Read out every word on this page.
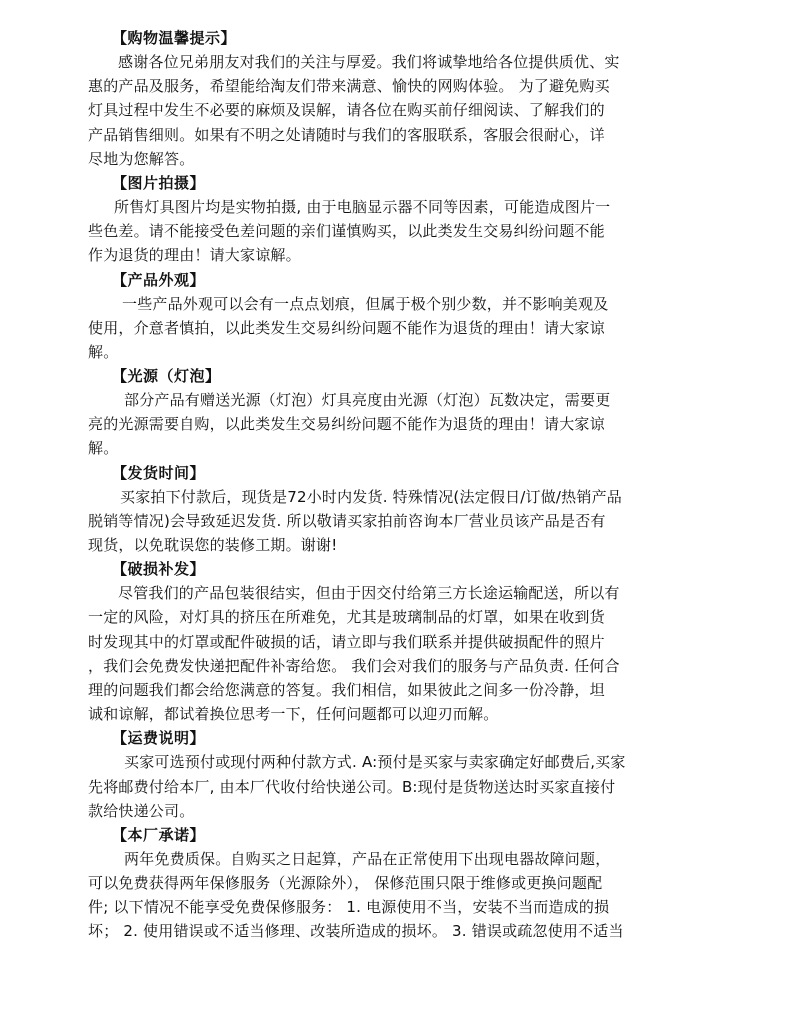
【购物温馨提示】
感谢各位兄弟朋友对我们的关注与厚爱。我们将诚挚地给各位提供质优、实
惠的产品及服务，希望能给淘友们带来满意、愉快的网购体验。 为了避免购买
灯具过程中发生不必要的麻烦及误解，请各位在购买前仔细阅读、了解我们的
产品销售细则。如果有不明之处请随时与我们的客服联系，客服会很耐心，详
尽地为您解答。
【图片拍摄】
所售灯具图片均是实物拍摄, 由于电脑显示器不同等因素，可能造成图片一
些色差。请不能接受色差问题的亲们谨慎购买，以此类发生交易纠纷问题不能
作为退货的理由！请大家谅解。
【产品外观】
一些产品外观可以会有一点点划痕，但属于极个别少数，并不影响美观及
使用，介意者慎拍，以此类发生交易纠纷问题不能作为退货的理由！请大家谅
解。
【光源（灯泡】
部分产品有赠送光源（灯泡）灯具亮度由光源（灯泡）瓦数决定，需要更
亮的光源需要自购，以此类发生交易纠纷问题不能作为退货的理由！请大家谅
解。
【发货时间】
买家拍下付款后，现货是72小时内发货. 特殊情况(法定假日/订做/热销产品
脱销等情况)会导致延迟发货. 所以敬请买家拍前咨询本厂营业员该产品是否有
现货，以免耽误您的装修工期。谢谢!
【破损补发】
尽管我们的产品包装很结实，但由于因交付给第三方长途运输配送，所以有
一定的风险，对灯具的挤压在所难免，尤其是玻璃制品的灯罩，如果在收到货
时发现其中的灯罩或配件破损的话，请立即与我们联系并提供破损配件的照片
，我们会免费发快递把配件补寄给您。 我们会对我们的服务与产品负责. 任何合
理的问题我们都会给您满意的答复。我们相信，如果彼此之间多一份冷静，坦
诚和谅解，都试着换位思考一下，任何问题都可以迎刃而解。
【运费说明】
买家可选预付或现付两种付款方式. A:预付是买家与卖家确定好邮费后,买家
先将邮费付给本厂, 由本厂代收付给快递公司。B:现付是货物送达时买家直接付
款给快递公司。
【本厂承诺】
两年免费质保。自购买之日起算，产品在正常使用下出现电器故障问题，
可以免费获得两年保修服务（光源除外）， 保修范围只限于维修或更换问题配
件; 以下情况不能享受免费保修服务： 1. 电源使用不当，安装不当而造成的损
坏； 2. 使用错误或不适当修理、改装所造成的损坏。 3. 错误或疏忽使用不适当
